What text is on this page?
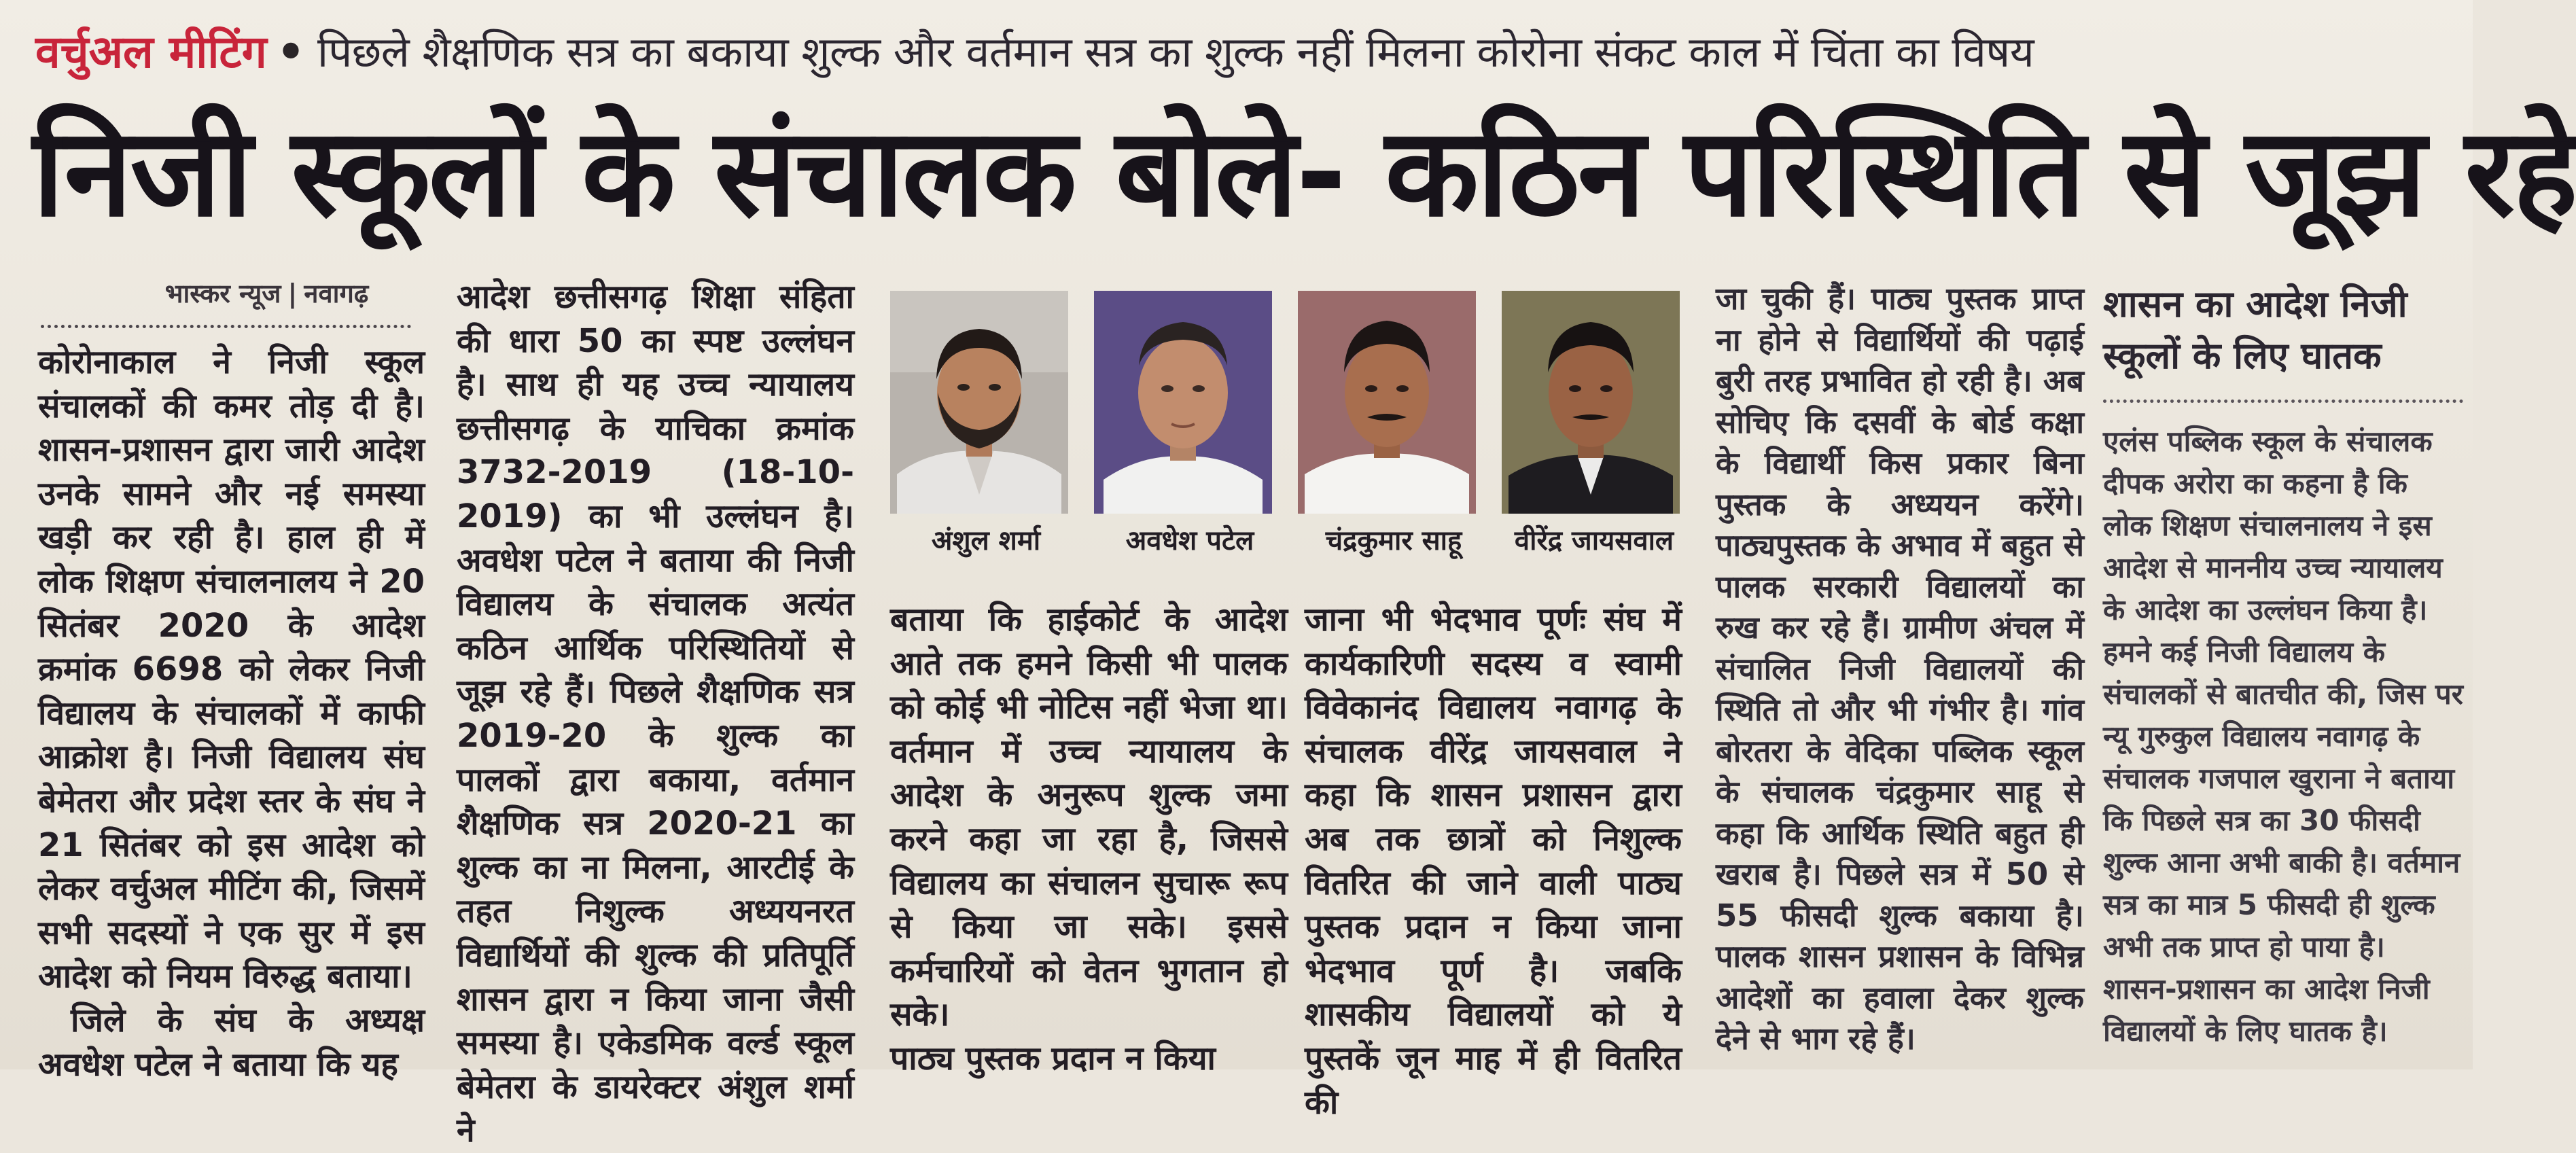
वर्चुअल मीटिंग • पिछले शैक्षणिक सत्र का बकाया शुल्क और वर्तमान सत्र का शुल्क नहीं मिलना कोरोना संकट काल में चिंता का विषय
निजी स्कूलों के संचालक बोले- कठिन परिस्थिति से जूझ रहे
भास्कर न्यूज | नवागढ़

कोरोनाकाल ने निजी स्कूल संचालकों की कमर तोड़ दी है। शासन-प्रशासन द्वारा जारी आदेश उनके सामने और नई समस्या खड़ी कर रही है। हाल ही में लोक शिक्षण संचालनालय ने 20 सितंबर 2020 के आदेश क्रमांक 6698 को लेकर निजी विद्यालय के संचालकों में काफी आक्रोश है। निजी विद्यालय संघ बेमेतरा और प्रदेश स्तर के संघ ने 21 सितंबर को इस आदेश को लेकर वर्चुअल मीटिंग की, जिसमें सभी सदस्यों ने एक सुर में इस आदेश को नियम विरुद्ध बताया।

जिले के संघ के अध्यक्ष अवधेश पटेल ने बताया कि यह

आदेश छत्तीसगढ़ शिक्षा संहिता की धारा 50 का स्पष्ट उल्लंघन है। साथ ही यह उच्च न्यायालय छत्तीसगढ़ के याचिका क्रमांक 3732-2019 (18-10-2019) का भी उल्लंघन है। अवधेश पटेल ने बताया की निजी विद्यालय के संचालक अत्यंत कठिन आर्थिक परिस्थितियों से जूझ रहे हैं। पिछले शैक्षणिक सत्र 2019-20 के शुल्क का पालकों द्वारा बकाया, वर्तमान शैक्षणिक सत्र 2020-21 का शुल्क का ना मिलना, आरटीई के तहत निशुल्क अध्ययनरत विद्यार्थियों की शुल्क की प्रतिपूर्ति शासन द्वारा न किया जाना जैसी समस्या है। एकेडमिक वर्ल्ड स्कूल बेमेतरा के डायरेक्टर अंशुल शर्मा ने

अंशुल शर्मा	अवधेश पटेल	चंद्रकुमार साहू	वीरेंद्र जायसवाल

बताया कि हाईकोर्ट के आदेश आते तक हमने किसी भी पालक को कोई भी नोटिस नहीं भेजा था। वर्तमान में उच्च न्यायालय के आदेश के अनुरूप शुल्क जमा करने कहा जा रहा है, जिससे विद्यालय का संचालन सुचारू रूप से किया जा सके। इससे कर्मचारियों को वेतन भुगतान हो सके।

पाठ्य पुस्तक प्रदान न किया

जाना भी भेदभाव पूर्णः संघ में कार्यकारिणी सदस्य व स्वामी विवेकानंद विद्यालय नवागढ़ के संचालक वीरेंद्र जायसवाल ने कहा कि शासन प्रशासन द्वारा अब तक छात्रों को निशुल्क वितरित की जाने वाली पाठ्य पुस्तक प्रदान न किया जाना भेदभाव पूर्ण है। जबकि शासकीय विद्यालयों को ये पुस्तकें जून माह में ही वितरित की

जा चुकी हैं। पाठ्य पुस्तक प्राप्त ना होने से विद्यार्थियों की पढ़ाई बुरी तरह प्रभावित हो रही है। अब सोचिए कि दसवीं के बोर्ड कक्षा के विद्यार्थी किस प्रकार बिना पुस्तक के अध्ययन करेंगे। पाठ्यपुस्तक के अभाव में बहुत से पालक सरकारी विद्यालयों का रुख कर रहे हैं। ग्रामीण अंचल में संचालित निजी विद्यालयों की स्थिति तो और भी गंभीर है। गांव बोरतरा के वेदिका पब्लिक स्कूल के संचालक चंद्रकुमार साहू से कहा कि आर्थिक स्थिति बहुत ही खराब है। पिछले सत्र में 50 से 55 फीसदी शुल्क बकाया है। पालक शासन प्रशासन के विभिन्न आदेशों का हवाला देकर शुल्क देने से भाग रहे हैं।

शासन का आदेश निजी स्कूलों के लिए घातक

एलंस पब्लिक स्कूल के संचालक दीपक अरोरा का कहना है कि लोक शिक्षण संचालनालय ने इस आदेश से माननीय उच्च न्यायालय के आदेश का उल्लंघन किया है। हमने कई निजी विद्यालय के संचालकों से बातचीत की, जिस पर न्यू गुरुकुल विद्यालय नवागढ़ के संचालक गजपाल खुराना ने बताया कि पिछले सत्र का 30 फीसदी शुल्क आना अभी बाकी है। वर्तमान सत्र का मात्र 5 फीसदी ही शुल्क अभी तक प्राप्त हो पाया है। शासन-प्रशासन का आदेश निजी विद्यालयों के लिए घातक है।
